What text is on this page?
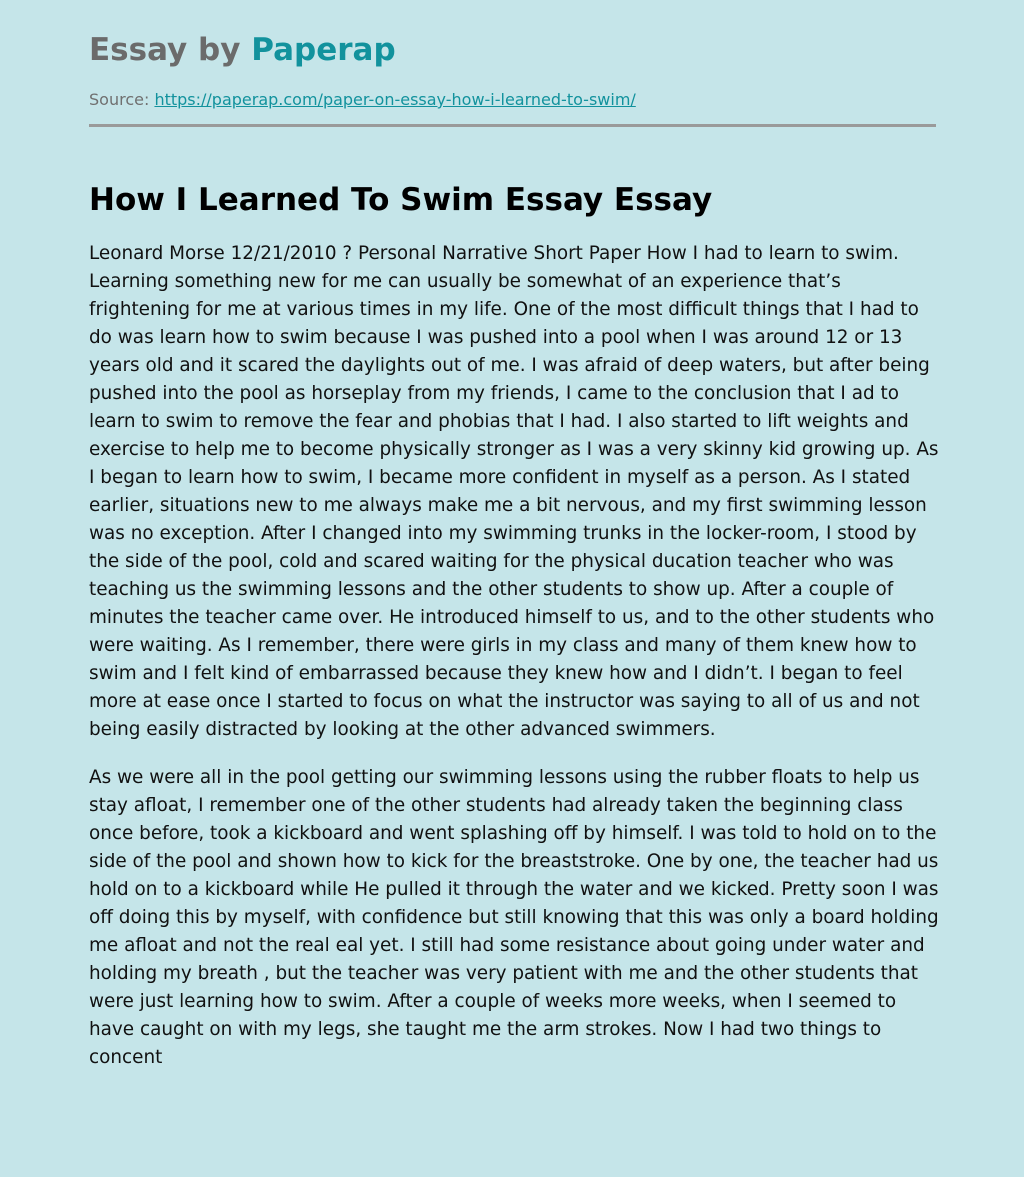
Essay by Paperap
Source: https://paperap.com/paper-on-essay-how-i-learned-to-swim/
How I Learned To Swim Essay Essay

Leonard Morse 12/21/2010 ? Personal Narrative Short Paper How I had to learn to swim. Learning something new for me can usually be somewhat of an experience that’s frightening for me at various times in my life. One of the most difficult things that I had to do was learn how to swim because I was pushed into a pool when I was around 12 or 13 years old and it scared the daylights out of me. I was afraid of deep waters, but after being pushed into the pool as horseplay from my friends, I came to the conclusion that I ad to learn to swim to remove the fear and phobias that I had. I also started to lift weights and exercise to help me to become physically stronger as I was a very skinny kid growing up. As I began to learn how to swim, I became more confident in myself as a person. As I stated earlier, situations new to me always make me a bit nervous, and my first swimming lesson was no exception. After I changed into my swimming trunks in the locker-room, I stood by the side of the pool, cold and scared waiting for the physical ducation teacher who was teaching us the swimming lessons and the other students to show up. After a couple of minutes the teacher came over. He introduced himself to us, and to the other students who were waiting. As I remember, there were girls in my class and many of them knew how to swim and I felt kind of embarrassed because they knew how and I didn’t. I began to feel more at ease once I started to focus on what the instructor was saying to all of us and not being easily distracted by looking at the other advanced swimmers.

As we were all in the pool getting our swimming lessons using the rubber floats to help us stay afloat, I remember one of the other students had already taken the beginning class once before, took a kickboard and went splashing off by himself. I was told to hold on to the side of the pool and shown how to kick for the breaststroke. One by one, the teacher had us hold on to a kickboard while He pulled it through the water and we kicked. Pretty soon I was off doing this by myself, with confidence but still knowing that this was only a board holding me afloat and not the real eal yet. I still had some resistance about going under water and holding my breath , but the teacher was very patient with me and the other students that were just learning how to swim. After a couple of weeks more weeks, when I seemed to have caught on with my legs, she taught me the arm strokes. Now I had two things to concent
